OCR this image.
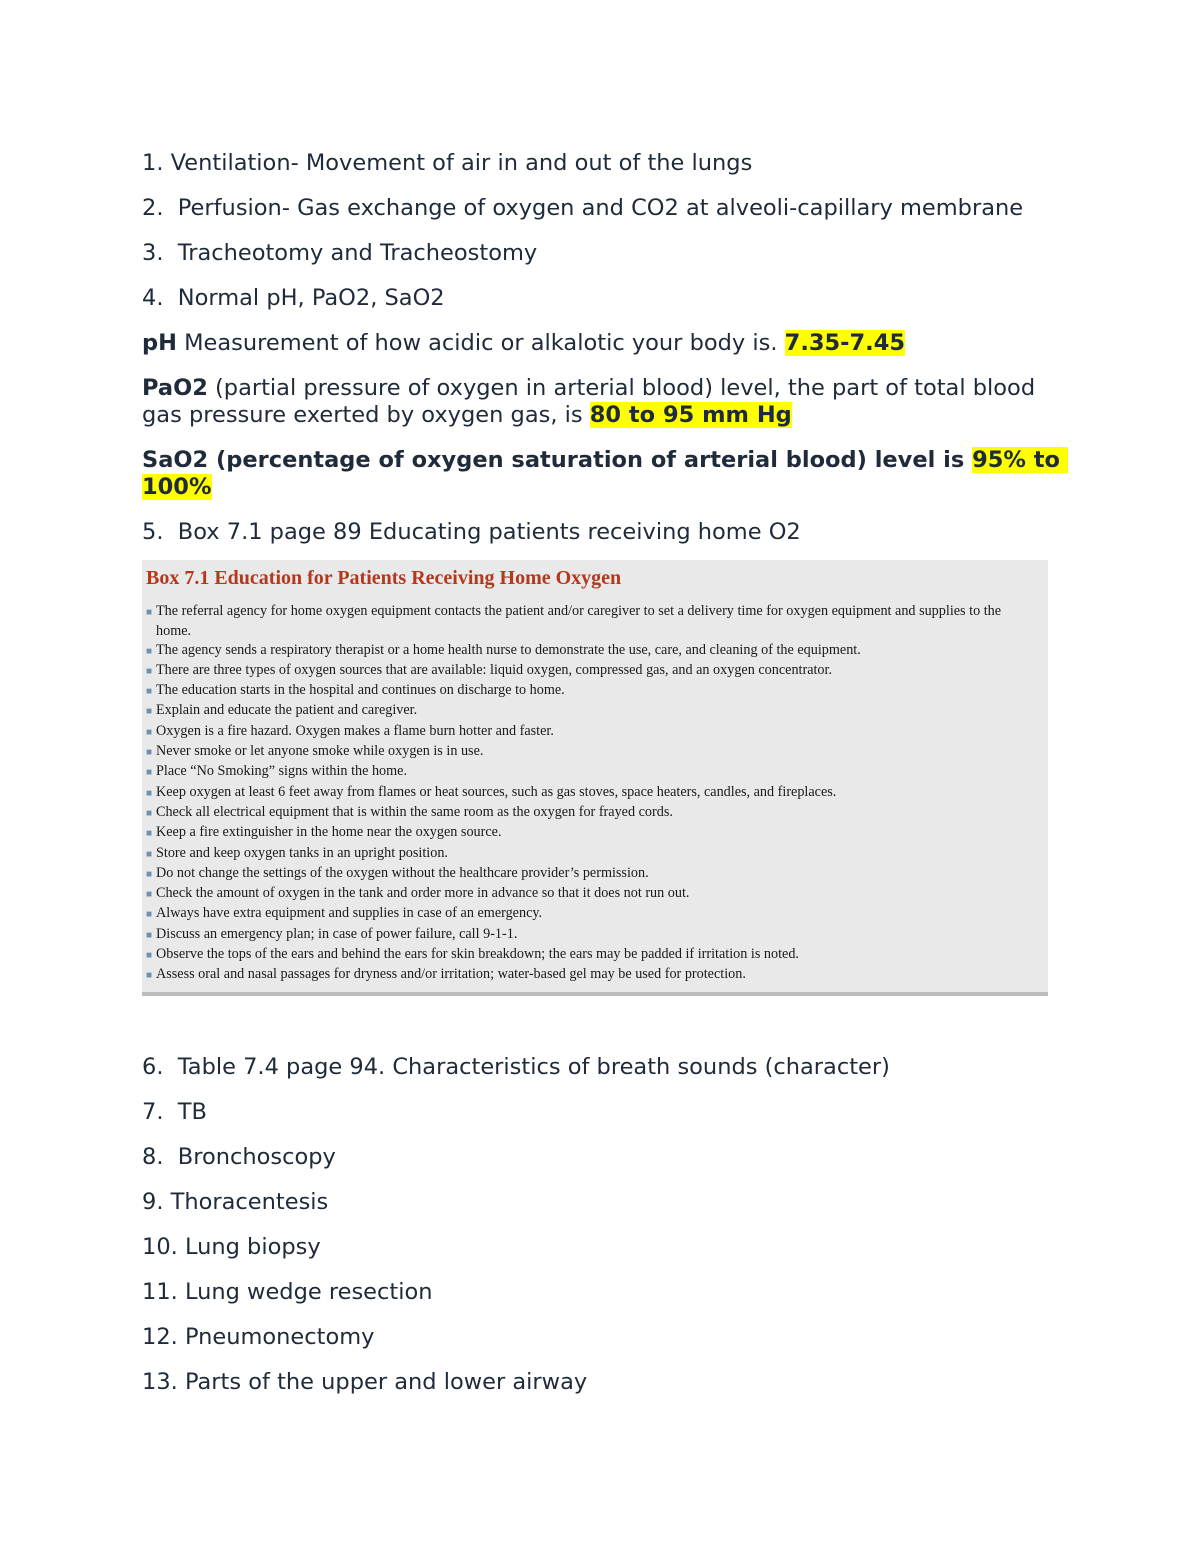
1. Ventilation- Movement of air in and out of the lungs

2.  Perfusion- Gas exchange of oxygen and CO2 at alveoli-capillary membrane

3.  Tracheotomy and Tracheostomy

4.  Normal pH, PaO2, SaO2

pH Measurement of how acidic or alkalotic your body is. 7.35-7.45

PaO2 (partial pressure of oxygen in arterial blood) level, the part of total blood gas pressure exerted by oxygen gas, is 80 to 95 mm Hg

SaO2 (percentage of oxygen saturation of arterial blood) level is 95% to 100%

5.  Box 7.1 page 89 Educating patients receiving home O2

Box 7.1 Education for Patients Receiving Home Oxygen
■ The referral agency for home oxygen equipment contacts the patient and/or caregiver to set a delivery time for oxygen equipment and supplies to the home.
■ The agency sends a respiratory therapist or a home health nurse to demonstrate the use, care, and cleaning of the equipment.
■ There are three types of oxygen sources that are available: liquid oxygen, compressed gas, and an oxygen concentrator.
■ The education starts in the hospital and continues on discharge to home.
■ Explain and educate the patient and caregiver.
■ Oxygen is a fire hazard. Oxygen makes a flame burn hotter and faster.
■ Never smoke or let anyone smoke while oxygen is in use.
■ Place “No Smoking” signs within the home.
■ Keep oxygen at least 6 feet away from flames or heat sources, such as gas stoves, space heaters, candles, and fireplaces.
■ Check all electrical equipment that is within the same room as the oxygen for frayed cords.
■ Keep a fire extinguisher in the home near the oxygen source.
■ Store and keep oxygen tanks in an upright position.
■ Do not change the settings of the oxygen without the healthcare provider’s permission.
■ Check the amount of oxygen in the tank and order more in advance so that it does not run out.
■ Always have extra equipment and supplies in case of an emergency.
■ Discuss an emergency plan; in case of power failure, call 9-1-1.
■ Observe the tops of the ears and behind the ears for skin breakdown; the ears may be padded if irritation is noted.
■ Assess oral and nasal passages for dryness and/or irritation; water-based gel may be used for protection.

6.  Table 7.4 page 94. Characteristics of breath sounds (character)

7.  TB

8.  Bronchoscopy

9. Thoracentesis

10. Lung biopsy

11. Lung wedge resection

12. Pneumonectomy

13. Parts of the upper and lower airway
